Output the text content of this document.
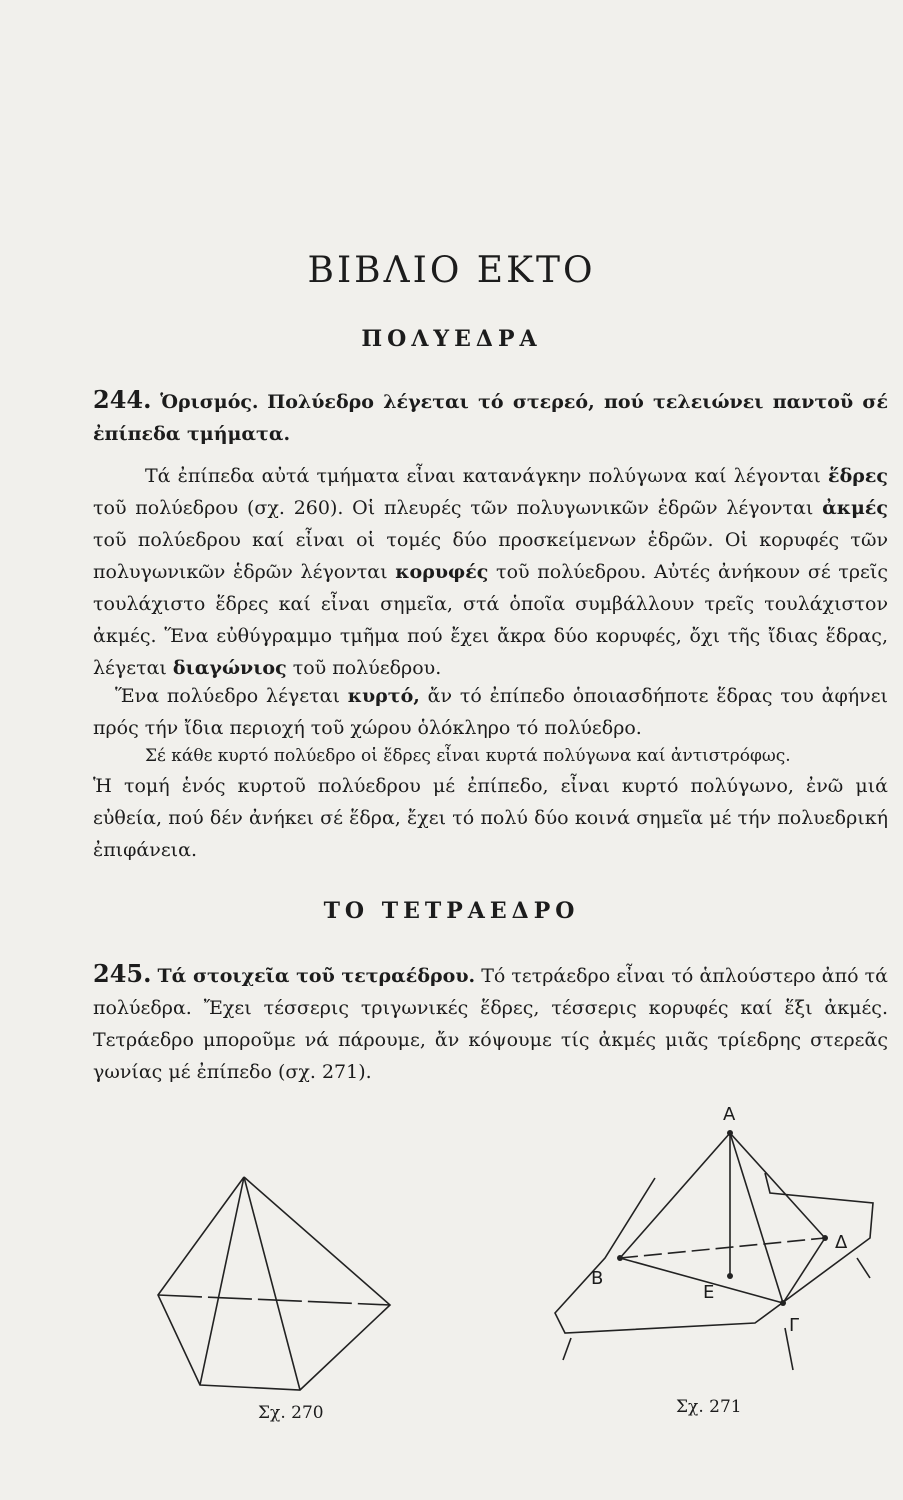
ΒΙΒΛΙΟ ΕΚΤΟ
ΠΟΛΥΕΔΡΑ
244. Ὁρισμός. Πολύεδρο λέγεται τό στερεό, πού τελειώνει παντοῦ σέ ἐπίπεδα τμήματα.
Τά ἐπίπεδα αὐτά τμήματα εἶναι κατανάγκην πολύγωνα καί λέγονται ἕδρες τοῦ πολύεδρου (σχ. 260). Οἱ πλευρές τῶν πολυγωνικῶν ἑδρῶν λέγονται ἀκμές τοῦ πολύεδρου καί εἶναι οἱ τομές δύο προσκείμενων ἑδρῶν. Οἱ κορυφές τῶν πολυγωνικῶν ἑδρῶν λέγονται κορυφές τοῦ πολύεδρου. Αὐτές ἀνήκουν σέ τρεῖς τουλάχιστο ἕδρες καί εἶναι σημεῖα, στά ὁποῖα συμβάλλουν τρεῖς τουλάχιστον ἀκμές. Ἕνα εὐθύγραμμο τμῆμα πού ἔχει ἄκρα δύο κορυφές, ὄχι τῆς ἴδιας ἕδρας, λέγεται διαγώνιος τοῦ πολύεδρου.
Ἕνα πολύεδρο λέγεται κυρτό, ἄν τό ἐπίπεδο ὁποιασδήποτε ἕδρας του ἀφήνει πρός τήν ἴδια περιοχή τοῦ χώρου ὁλόκληρο τό πολύεδρο.
Σέ κάθε κυρτό πολύεδρο οἱ ἕδρες εἶναι κυρτά πολύγωνα καί ἀντιστρόφως.
Ἡ τομή ἑνός κυρτοῦ πολύεδρου μέ ἐπίπεδο, εἶναι κυρτό πολύγωνο, ἐνῶ μιά εὐθεία, πού δέν ἀνήκει σέ ἕδρα, ἔχει τό πολύ δύο κοινά σημεῖα μέ τήν πολυεδρική ἐπιφάνεια.
ΤΟ ΤΕΤΡΑΕΔΡΟ
245. Τά στοιχεῖα τοῦ τετραέδρου. Τό τετράεδρο εἶναι τό ἁπλούστερο ἀπό τά πολύεδρα. Ἔχει τέσσερις τριγωνικές ἕδρες, τέσσερις κορυφές καί ἕξι ἀκμές. Τετράεδρο μποροῦμε νά πάρουμε, ἄν κόψουμε τίς ἀκμές μιᾶς τρίεδρης στερεᾶς γωνίας μέ ἐπίπεδο (σχ. 271).
Σχ. 270
Α
Β
Γ
Δ
Ε
Σχ. 271
